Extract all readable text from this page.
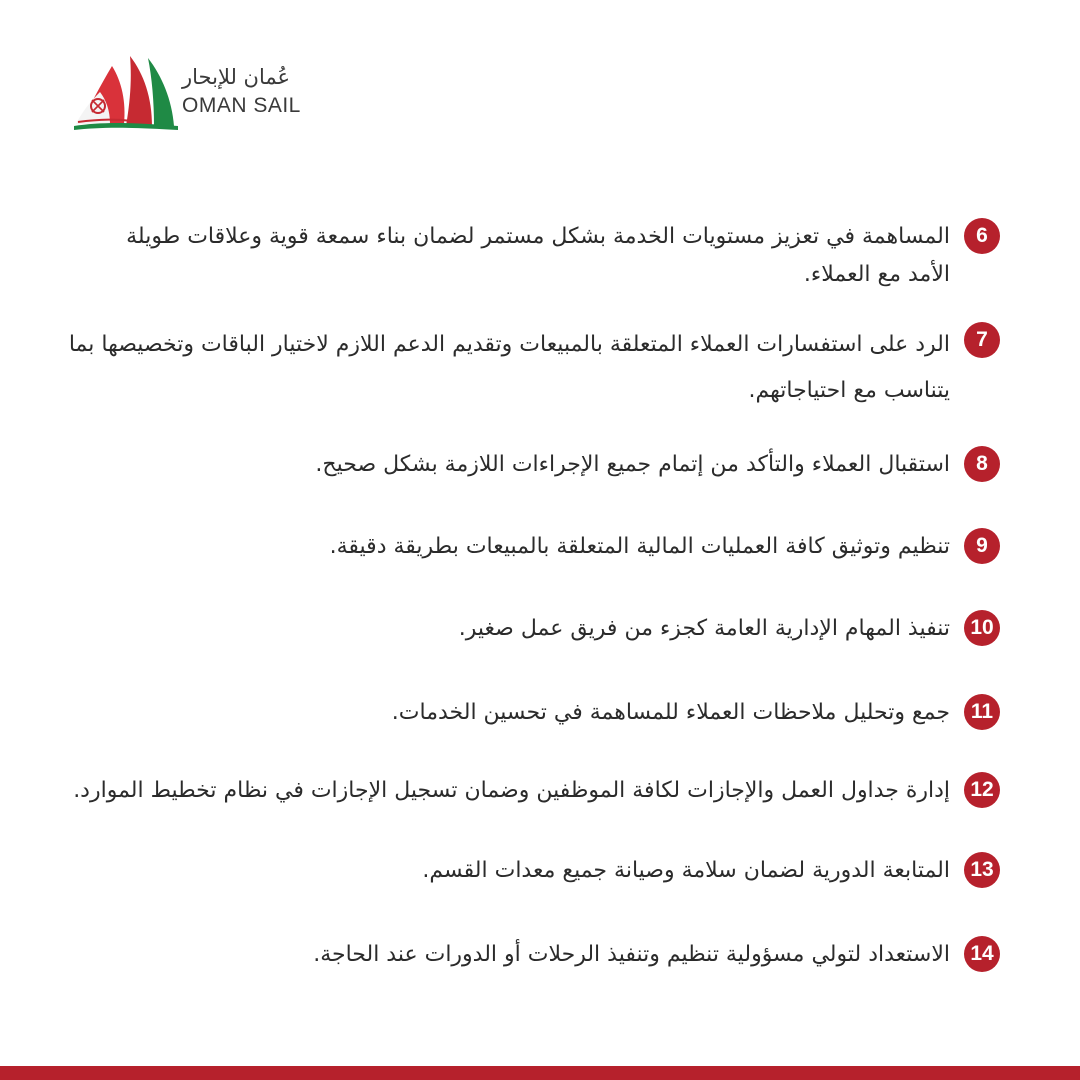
عُمان للإبحار
OMAN SAIL
6
المساهمة في تعزيز مستويات الخدمة بشكل مستمر لضمان بناء سمعة قوية وعلاقات طويلة الأمد مع العملاء.
7
الرد على استفسارات العملاء المتعلقة بالمبيعات وتقديم الدعم اللازم لاختيار الباقات وتخصيصها بما يتناسب مع احتياجاتهم.
8
استقبال العملاء والتأكد من إتمام جميع الإجراءات اللازمة بشكل صحيح.
9
تنظيم وتوثيق كافة العمليات المالية المتعلقة بالمبيعات بطريقة دقيقة.
10
تنفيذ المهام الإدارية العامة كجزء من فريق عمل صغير.
11
جمع وتحليل ملاحظات العملاء للمساهمة في تحسين الخدمات.
12
إدارة جداول العمل والإجازات لكافة الموظفين وضمان تسجيل الإجازات في نظام تخطيط الموارد.
13
المتابعة الدورية لضمان سلامة وصيانة جميع معدات القسم.
14
الاستعداد لتولي مسؤولية تنظيم وتنفيذ الرحلات أو الدورات عند الحاجة.
